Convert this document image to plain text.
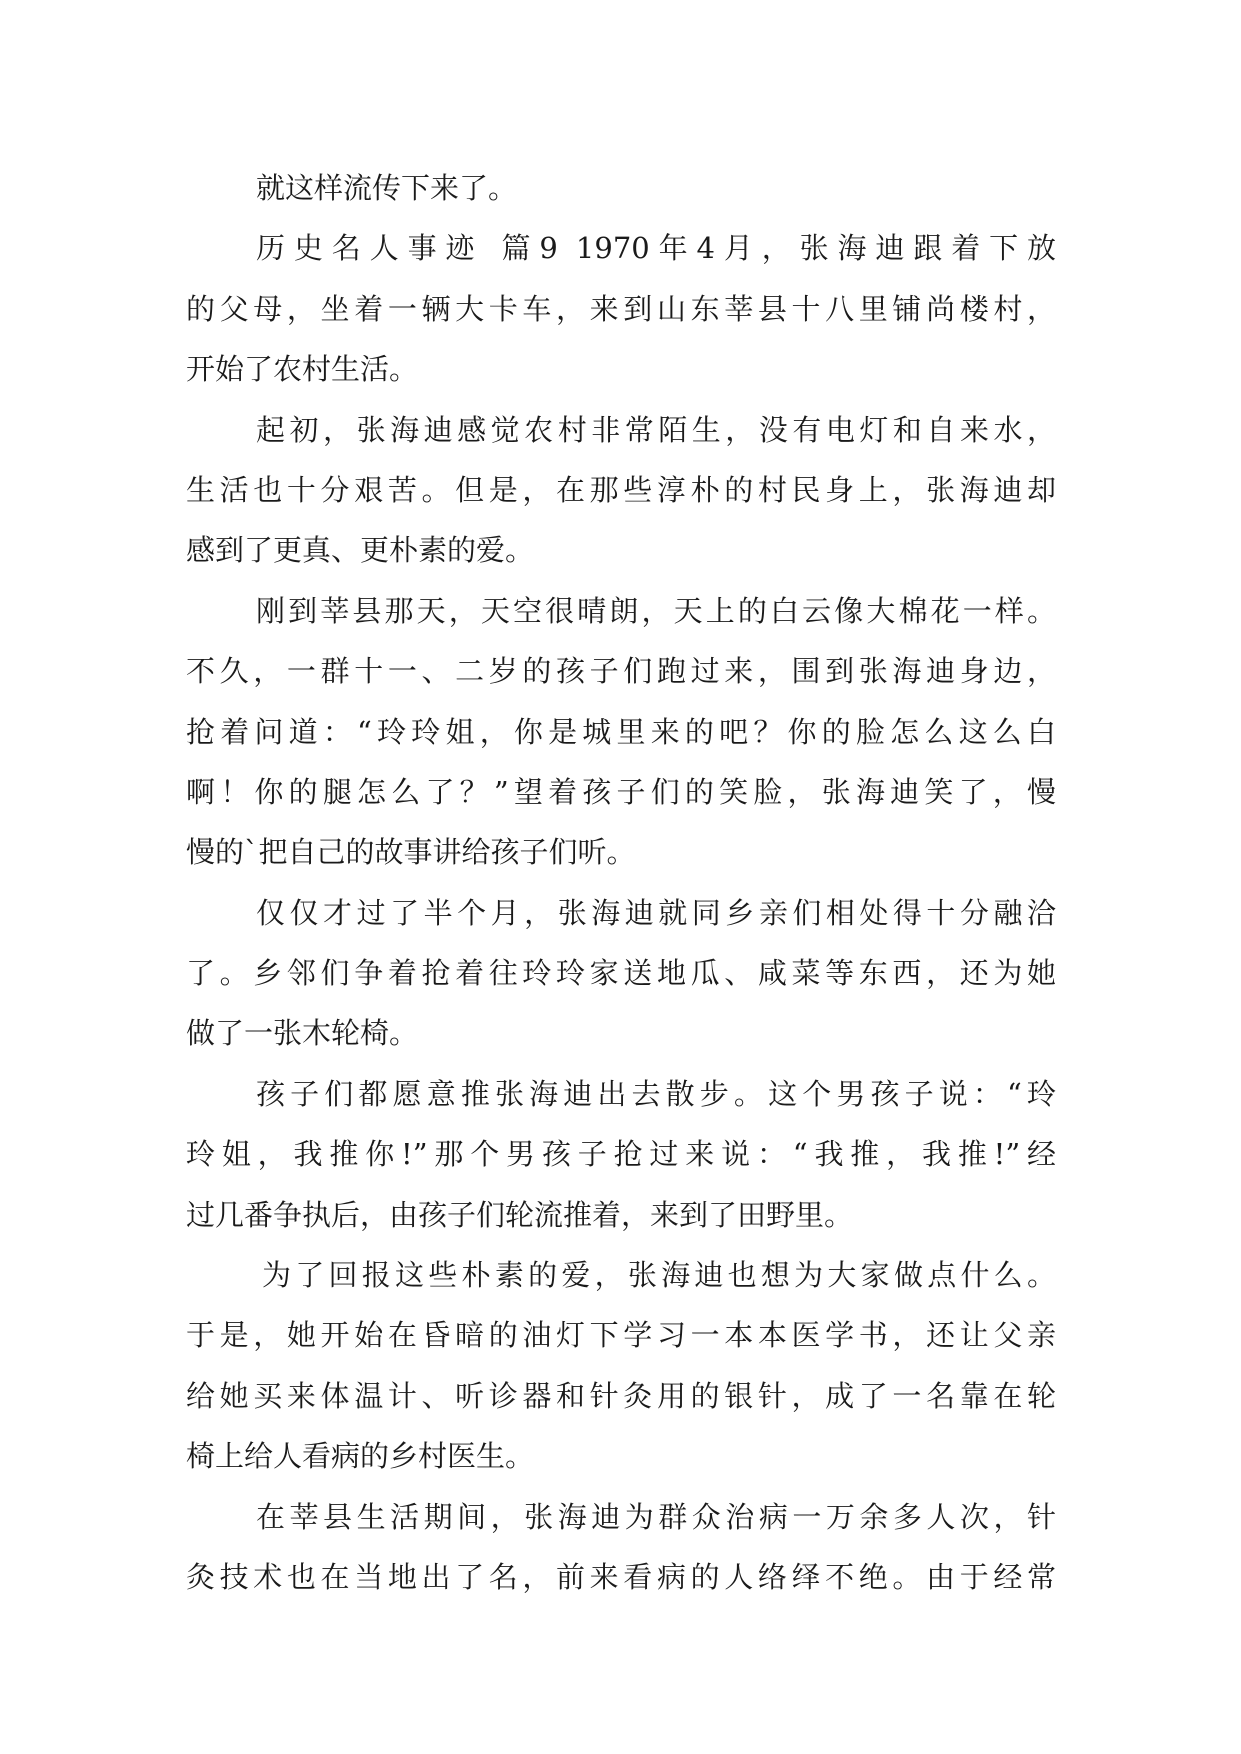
就这样流传下来了。
历史名人事迹 篇9 1970年4月，张海迪跟着下放
的父母，坐着一辆大卡车，来到山东莘县十八里铺尚楼村，
开始了农村生活。
起初，张海迪感觉农村非常陌生，没有电灯和自来水，
生活也十分艰苦。但是，在那些淳朴的村民身上，张海迪却
感到了更真、更朴素的爱。
刚到莘县那天，天空很晴朗，天上的白云像大棉花一样。
不久，一群十一、二岁的孩子们跑过来，围到张海迪身边，
抢着问道：“玲玲姐，你是城里来的吧？你的脸怎么这么白
啊！你的腿怎么了？”望着孩子们的笑脸，张海迪笑了，慢
慢的`把自己的故事讲给孩子们听。
仅仅才过了半个月，张海迪就同乡亲们相处得十分融洽
了。乡邻们争着抢着往玲玲家送地瓜、咸菜等东西，还为她
做了一张木轮椅。
孩子们都愿意推张海迪出去散步。这个男孩子说：“玲
玲姐，我推你!”那个男孩子抢过来说：“我推，我推!”经
过几番争执后，由孩子们轮流推着，来到了田野里。
为了回报这些朴素的爱，张海迪也想为大家做点什么。
于是，她开始在昏暗的油灯下学习一本本医学书，还让父亲
给她买来体温计、听诊器和针灸用的银针，成了一名靠在轮
椅上给人看病的乡村医生。
在莘县生活期间，张海迪为群众治病一万余多人次，针
灸技术也在当地出了名，前来看病的人络绎不绝。由于经常
